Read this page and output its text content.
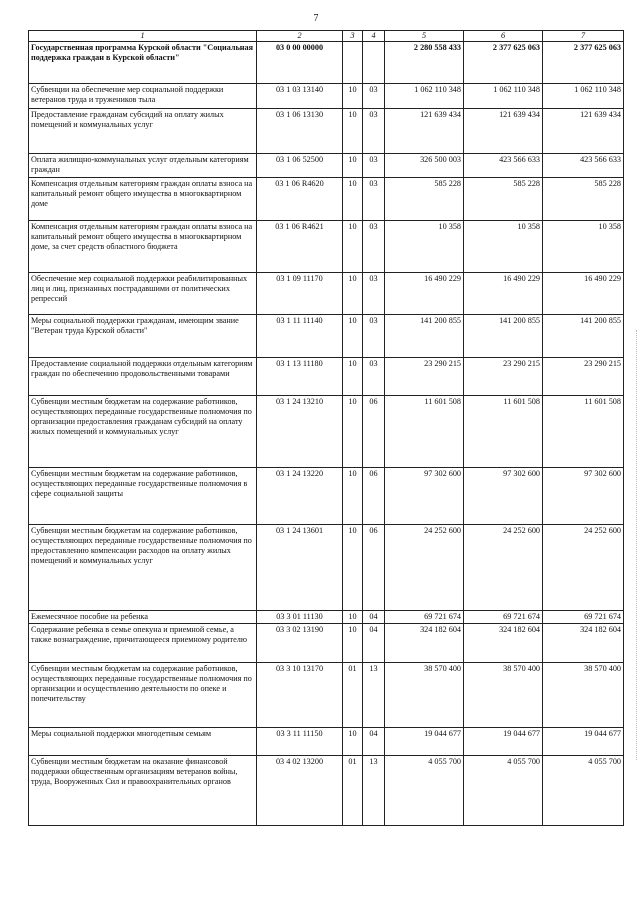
7
1	2	3	4	5	6	7
Государственная программа Курской области "Социальная поддержка граждан в Курской области"	03 0 00 00000			2 280 558 433	2 377 625 063	2 377 625 063
Субвенции на обеспечение мер социальной поддержки ветеранов труда и тружеников тыла	03 1 03 13140	10	03	1 062 110 348	1 062 110 348	1 062 110 348
Предоставление гражданам субсидий на оплату жилых помещений и коммунальных услуг	03 1 06 13130	10	03	121 639 434	121 639 434	121 639 434
Оплата жилищно-коммунальных услуг отдельным категориям граждан	03 1 06 52500	10	03	326 500 003	423 566 633	423 566 633
Компенсация отдельным категориям граждан оплаты взноса на капитальный ремонт общего имущества в многоквартирном доме	03 1 06 R4620	10	03	585 228	585 228	585 228
Компенсация отдельным категориям граждан оплаты взноса на капитальный ремонт общего имущества в многоквартирном доме, за счет средств областного бюджета	03 1 06 R4621	10	03	10 358	10 358	10 358
Обеспечение мер социальной поддержки реабилитированных лиц и лиц, признанных пострадавшими от политических репрессий	03 1 09 11170	10	03	16 490 229	16 490 229	16 490 229
Меры социальной поддержки гражданам, имеющим звание "Ветеран труда Курской области"	03 1 11 11140	10	03	141 200 855	141 200 855	141 200 855
Предоставление социальной поддержки отдельным категориям граждан по обеспечению продовольственными товарами	03 1 13 11180	10	03	23 290 215	23 290 215	23 290 215
Субвенции местным бюджетам на содержание работников, осуществляющих переданные государственные полномочия по организации предоставления гражданам субсидий на оплату жилых помещений и коммунальных услуг	03 1 24 13210	10	06	11 601 508	11 601 508	11 601 508
Субвенции местным бюджетам на содержание работников, осуществляющих переданные государственные полномочия в сфере социальной защиты	03 1 24 13220	10	06	97 302 600	97 302 600	97 302 600
Субвенции местным бюджетам на содержание работников, осуществляющих переданные государственные полномочия по предоставлению компенсации расходов на оплату жилых помещений и коммунальных услуг	03 1 24 13601	10	06	24 252 600	24 252 600	24 252 600
Ежемесячное пособие на ребенка	03 3 01 11130	10	04	69 721 674	69 721 674	69 721 674
Содержание ребенка в семье опекуна и приемной семье, а также вознаграждение, причитающееся приемному родителю	03 3 02 13190	10	04	324 182 604	324 182 604	324 182 604
Субвенции местным бюджетам на содержание работников, осуществляющих переданные государственные полномочия по организации и осуществлению деятельности по опеке и попечительству	03 3 10 13170	01	13	38 570 400	38 570 400	38 570 400
Меры социальной поддержки многодетным семьям	03 3 11 11150	10	04	19 044 677	19 044 677	19 044 677
Субвенции местным бюджетам на оказание финансовой поддержки общественным организациям ветеранов войны, труда, Вооруженных Сил и правоохранительных органов	03 4 02 13200	01	13	4 055 700	4 055 700	4 055 700
